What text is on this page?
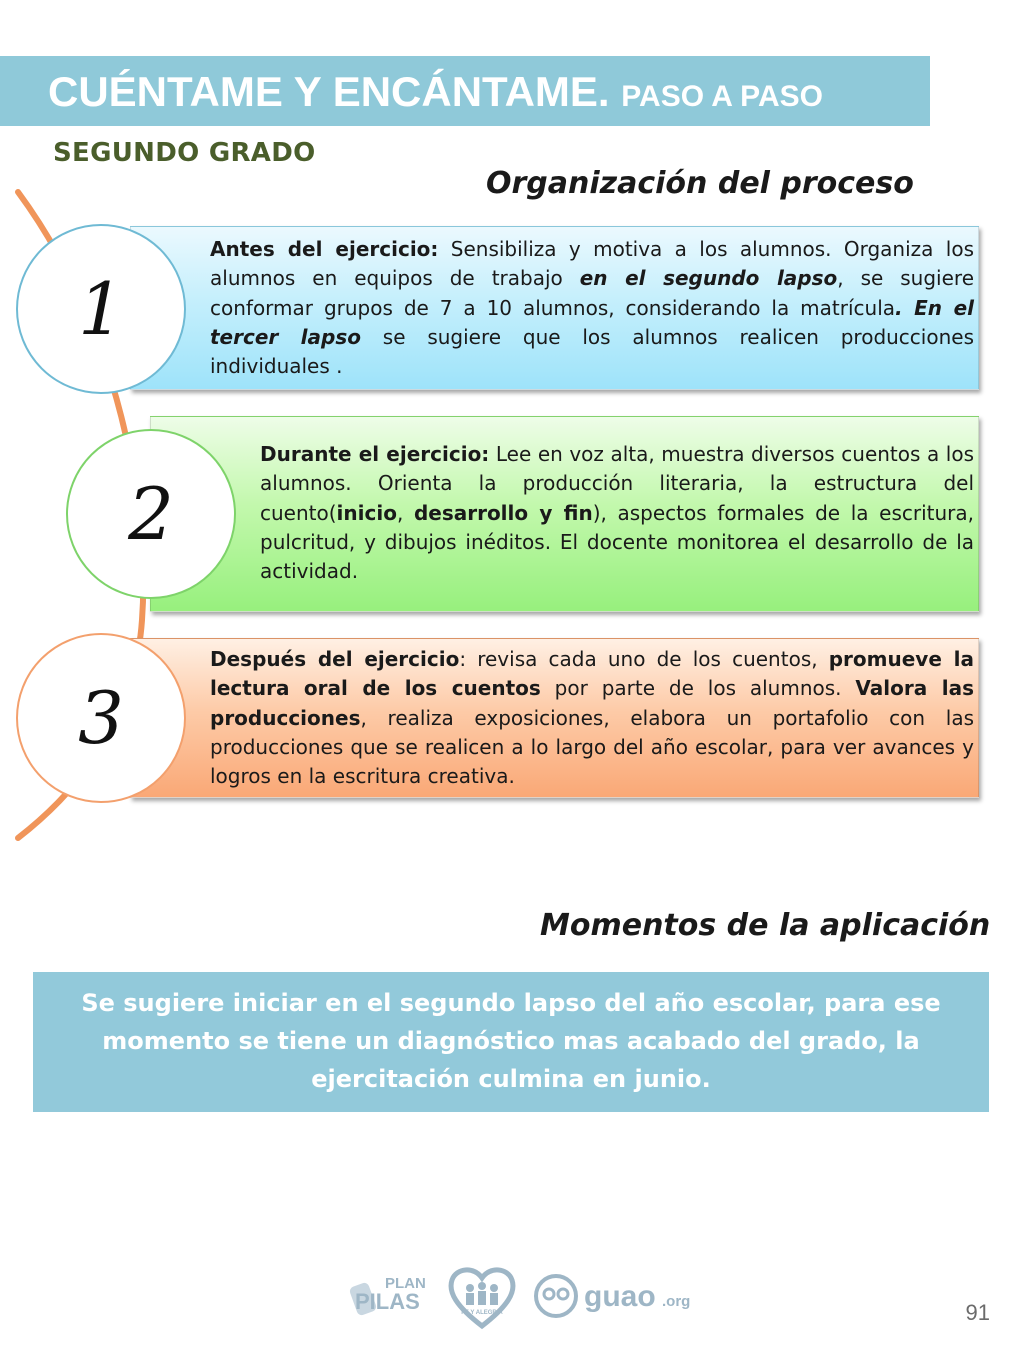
CUÉNTAME Y ENCÁNTAME. PASO A PASO
SEGUNDO GRADO
Organización del proceso
Antes del ejercicio: Sensibiliza y motiva a los alumnos. Organiza los alumnos en equipos de trabajo en el segundo lapso, se sugiere conformar grupos de 7 a 10 alumnos, considerando la matrícula. En el tercer lapso se sugiere que los alumnos realicen producciones individuales .
Durante el ejercicio: Lee en voz alta, muestra diversos cuentos a los alumnos. Orienta la producción literaria, la estructura del cuento(inicio, desarrollo y fin), aspectos formales de la escritura, pulcritud, y dibujos inéditos. El docente monitorea el desarrollo de la actividad.
Después del ejercicio: revisa cada uno de los cuentos, promueve la lectura oral de los cuentos por parte de los alumnos. Valora las producciones, realiza exposiciones, elabora un portafolio con las producciones que se realicen a lo largo del año escolar, para ver avances y logros en la escritura creativa.
1
2
3
Momentos de la aplicación
Se sugiere iniciar en el segundo lapso del año escolar, para ese momento se tiene un diagnóstico mas acabado del grado, la ejercitación culmina en junio.
PLAN
PILAS	FE Y ALEGRIA	guao .org	91
